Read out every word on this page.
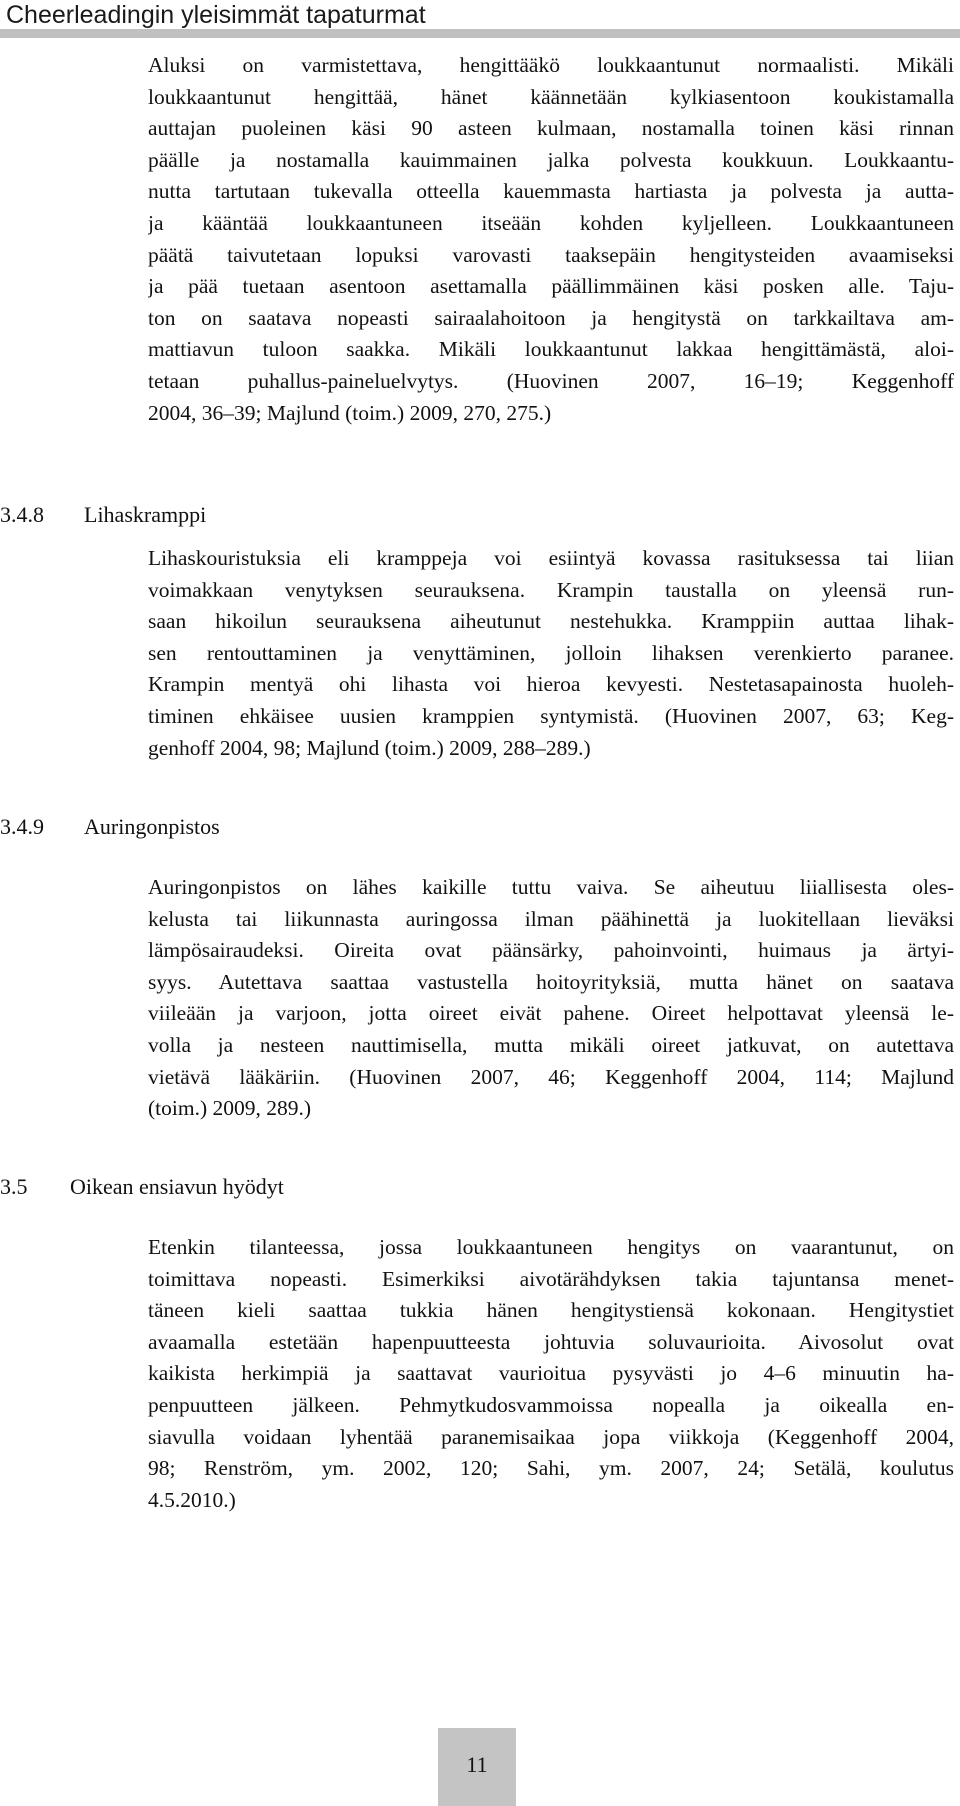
Cheerleadingin yleisimmät tapaturmat
Aluksi on varmistettava, hengittääkö loukkaantunut normaalisti. Mikäli
loukkaantunut hengittää, hänet käännetään kylkiasentoon koukistamalla
auttajan puoleinen käsi 90 asteen kulmaan, nostamalla toinen käsi rinnan
päälle ja nostamalla kauimmainen jalka polvesta koukkuun. Loukkaantu-
nutta tartutaan tukevalla otteella kauemmasta hartiasta ja polvesta ja autta-
ja kääntää loukkaantuneen itseään kohden kyljelleen. Loukkaantuneen
päätä taivutetaan lopuksi varovasti taaksepäin hengitysteiden avaamiseksi
ja pää tuetaan asentoon asettamalla päällimmäinen käsi posken alle. Taju-
ton on saatava nopeasti sairaalahoitoon ja hengitystä on tarkkailtava am-
mattiavun tuloon saakka. Mikäli loukkaantunut lakkaa hengittämästä, aloi-
tetaan puhallus-paineluelvytys. (Huovinen 2007, 16–19; Keggenhoff
2004, 36–39; Majlund (toim.) 2009, 270, 275.)
3.4.8 Lihaskramppi
Lihaskouristuksia eli kramppeja voi esiintyä kovassa rasituksessa tai liian
voimakkaan venytyksen seurauksena. Krampin taustalla on yleensä run-
saan hikoilun seurauksena aiheutunut nestehukka. Kramppiin auttaa lihak-
sen rentouttaminen ja venyttäminen, jolloin lihaksen verenkierto paranee.
Krampin mentyä ohi lihasta voi hieroa kevyesti. Nestetasapainosta huoleh-
timinen ehkäisee uusien kramppien syntymistä. (Huovinen 2007, 63; Keg-
genhoff 2004, 98; Majlund (toim.) 2009, 288–289.)
3.4.9 Auringonpistos
Auringonpistos on lähes kaikille tuttu vaiva. Se aiheutuu liiallisesta oles-
kelusta tai liikunnasta auringossa ilman päähinettä ja luokitellaan lieväksi
lämpösairaudeksi. Oireita ovat päänsärky, pahoinvointi, huimaus ja ärtyi-
syys. Autettava saattaa vastustella hoitoyrityksiä, mutta hänet on saatava
viileään ja varjoon, jotta oireet eivät pahene. Oireet helpottavat yleensä le-
volla ja nesteen nauttimisella, mutta mikäli oireet jatkuvat, on autettava
vietävä lääkäriin. (Huovinen 2007, 46; Keggenhoff 2004, 114; Majlund
(toim.) 2009, 289.)
3.5 Oikean ensiavun hyödyt
Etenkin tilanteessa, jossa loukkaantuneen hengitys on vaarantunut, on
toimittava nopeasti. Esimerkiksi aivotärähdyksen takia tajuntansa menet-
täneen kieli saattaa tukkia hänen hengitystiensä kokonaan. Hengitystiet
avaamalla estetään hapenpuutteesta johtuvia soluvaurioita. Aivosolut ovat
kaikista herkimpiä ja saattavat vaurioitua pysyvästi jo 4–6 minuutin ha-
penpuutteen jälkeen. Pehmytkudosvammoissa nopealla ja oikealla en-
siavulla voidaan lyhentää paranemisaikaa jopa viikkoja (Keggenhoff 2004,
98; Renström, ym. 2002, 120; Sahi, ym. 2007, 24; Setälä, koulutus
4.5.2010.)
11
